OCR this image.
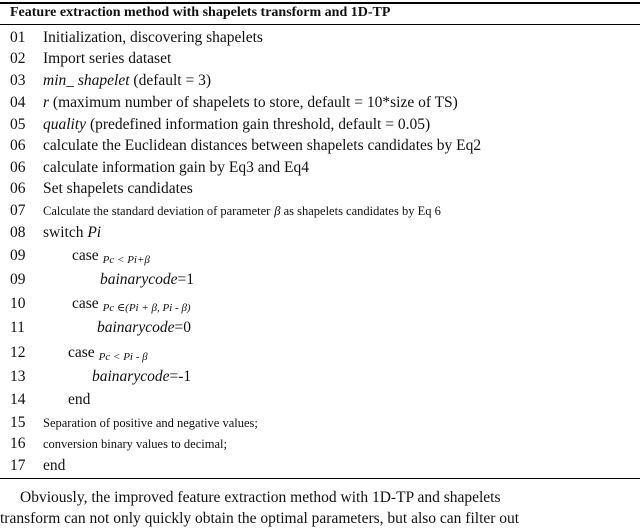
Feature extraction method with shapelets transform and 1D-TP
01 Initialization, discovering shapelets
02 Import series dataset
03 min_ shapelet (default = 3)
04 r (maximum number of shapelets to store, default = 10*size of TS)
05 quality (predefined information gain threshold, default = 0.05)
06 calculate the Euclidean distances between shapelets candidates by Eq2
06 calculate information gain by Eq3 and Eq4
06 Set shapelets candidates
07 Calculate the standard deviation of parameter β as shapelets candidates by Eq 6
08 switch Pi
09	case Pc < Pi+β
09	bainarycode=1
10	case Pc ∈(Pi + β, Pi - β)
11	bainarycode=0
12	case Pc < Pi - β
13	bainarycode=-1
14	end
15 Separation of positive and negative values;
16 conversion binary values to decimal;
17 end
Obviously, the improved feature extraction method with 1D-TP and shapelets
transform can not only quickly obtain the optimal parameters, but also can filter out
